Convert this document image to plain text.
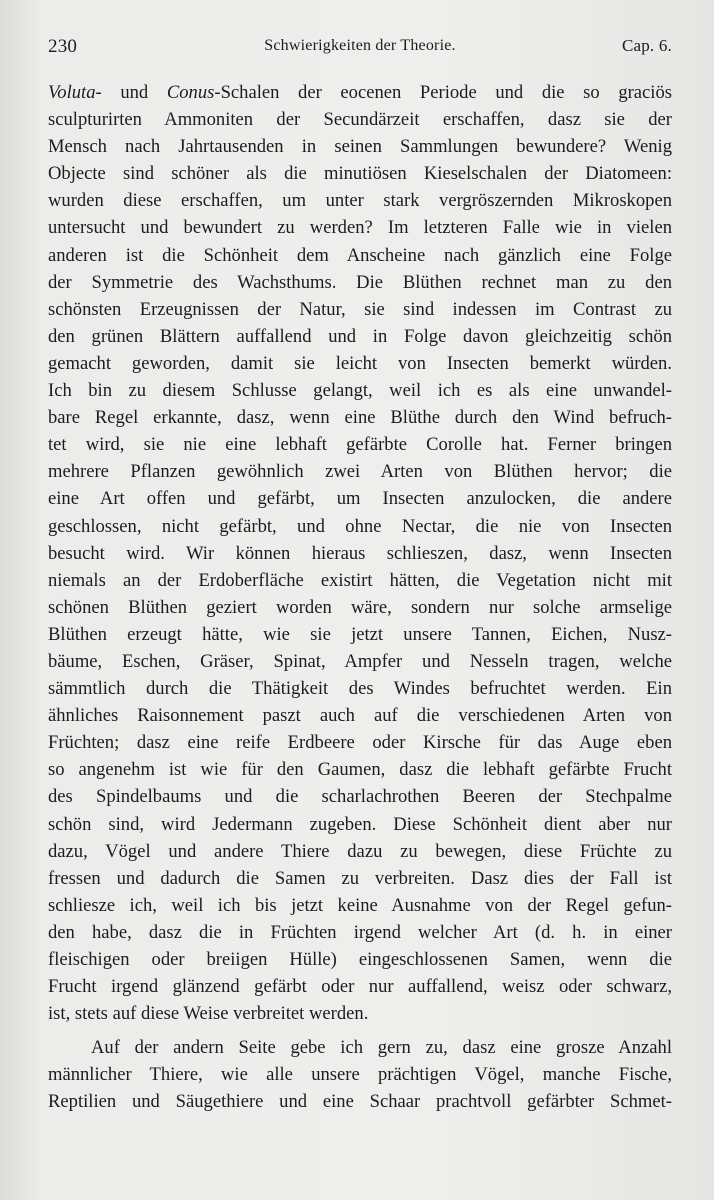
230	Schwierigkeiten der Theorie.	Cap. 6.
Voluta- und Conus-Schalen der eocenen Periode und die so graciös
sculpturirten Ammoniten der Secundärzeit erschaffen, dasz sie der
Mensch nach Jahrtausenden in seinen Sammlungen bewundere? Wenig
Objecte sind schöner als die minutiösen Kieselschalen der Diatomeen:
wurden diese erschaffen, um unter stark vergröszernden Mikroskopen
untersucht und bewundert zu werden? Im letzteren Falle wie in vielen
anderen ist die Schönheit dem Anscheine nach gänzlich eine Folge
der Symmetrie des Wachsthums. Die Blüthen rechnet man zu den
schönsten Erzeugnissen der Natur, sie sind indessen im Contrast zu
den grünen Blättern auffallend und in Folge davon gleichzeitig schön
gemacht geworden, damit sie leicht von Insecten bemerkt würden.
Ich bin zu diesem Schlusse gelangt, weil ich es als eine unwandel-
bare Regel erkannte, dasz, wenn eine Blüthe durch den Wind befruch-
tet wird, sie nie eine lebhaft gefärbte Corolle hat. Ferner bringen
mehrere Pflanzen gewöhnlich zwei Arten von Blüthen hervor; die
eine Art offen und gefärbt, um Insecten anzulocken, die andere
geschlossen, nicht gefärbt, und ohne Nectar, die nie von Insecten
besucht wird. Wir können hieraus schlieszen, dasz, wenn Insecten
niemals an der Erdoberfläche existirt hätten, die Vegetation nicht mit
schönen Blüthen geziert worden wäre, sondern nur solche armselige
Blüthen erzeugt hätte, wie sie jetzt unsere Tannen, Eichen, Nusz-
bäume, Eschen, Gräser, Spinat, Ampfer und Nesseln tragen, welche
sämmtlich durch die Thätigkeit des Windes befruchtet werden. Ein
ähnliches Raisonnement paszt auch auf die verschiedenen Arten von
Früchten; dasz eine reife Erdbeere oder Kirsche für das Auge eben
so angenehm ist wie für den Gaumen, dasz die lebhaft gefärbte Frucht
des Spindelbaums und die scharlachrothen Beeren der Stechpalme
schön sind, wird Jedermann zugeben. Diese Schönheit dient aber nur
dazu, Vögel und andere Thiere dazu zu bewegen, diese Früchte zu
fressen und dadurch die Samen zu verbreiten. Dasz dies der Fall ist
schliesze ich, weil ich bis jetzt keine Ausnahme von der Regel gefun-
den habe, dasz die in Früchten irgend welcher Art (d. h. in einer
fleischigen oder breiigen Hülle) eingeschlossenen Samen, wenn die
Frucht irgend glänzend gefärbt oder nur auffallend, weisz oder schwarz,
ist, stets auf diese Weise verbreitet werden.
Auf der andern Seite gebe ich gern zu, dasz eine grosze Anzahl
männlicher Thiere, wie alle unsere prächtigen Vögel, manche Fische,
Reptilien und Säugethiere und eine Schaar prachtvoll gefärbter Schmet-
